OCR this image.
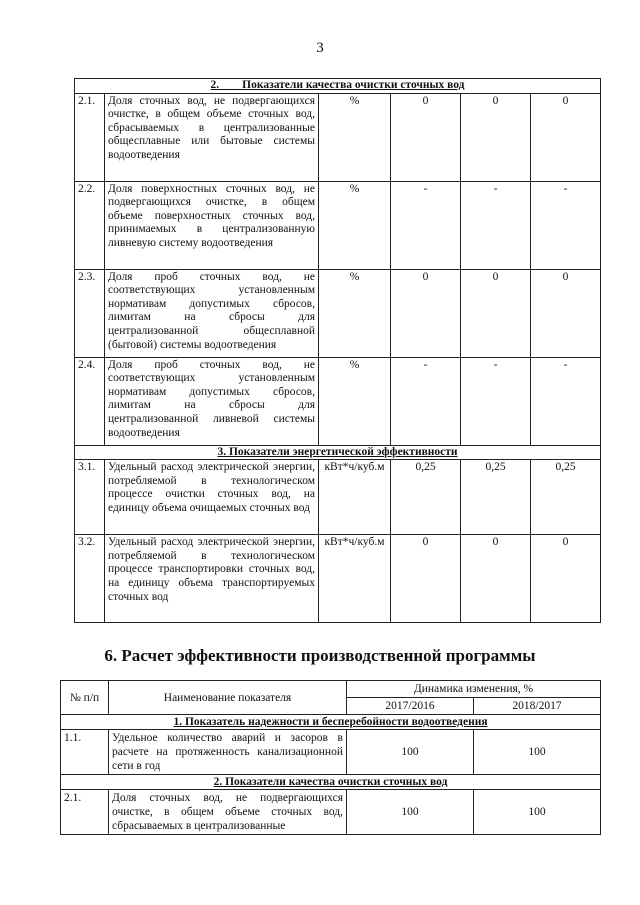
3
2.  Показатели качества очистки сточных вод					
2.1.	Доля сточных вод, не подвергающихся очистке, в общем объеме сточных вод, сбрасываемых в централизованные общесплавные или бытовые системы водоотведения	%	0	0	0
2.2.	Доля поверхностных сточных вод, не подвергающихся очистке, в общем объеме поверхностных сточных вод, принимаемых в централизованную ливневую систему водоотведения	%	-	-	-
2.3.	Доля проб сточных вод, не соответствующих установленным нормативам допустимых сбросов, лимитам на сбросы для централизованной общесплавной (бытовой) системы водоотведения	%	0	0	0
2.4.	Доля проб сточных вод, не соответствующих установленным нормативам допустимых сбросов, лимитам на сбросы для централизованной ливневой системы водоотведения	%	-	-	-
3. Показатели энергетической эффективности					
3.1.	Удельный расход электрической энергии, потребляемой в технологическом процессе очистки сточных вод, на единицу объема очищаемых сточных вод	кВт*ч/куб.м	0,25	0,25	0,25
3.2.	Удельный расход электрической энергии, потребляемой в технологическом процессе транспортировки сточных вод, на единицу объема транспортируемых сточных вод	кВт*ч/куб.м	0	0	0
6. Расчет эффективности производственной программы
№ п/п	Наименование показателя	Динамика изменения, %	
		2017/2016	2018/2017
1. Показатель надежности и бесперебойности водоотведения			
1.1.	Удельное количество аварий и засоров в расчете на протяженность канализационной сети в год	100	100
2. Показатели качества очистки сточных вод			
2.1.	Доля сточных вод, не подвергающихся очистке, в общем объеме сточных вод, сбрасываемых в централизованные	100	100
